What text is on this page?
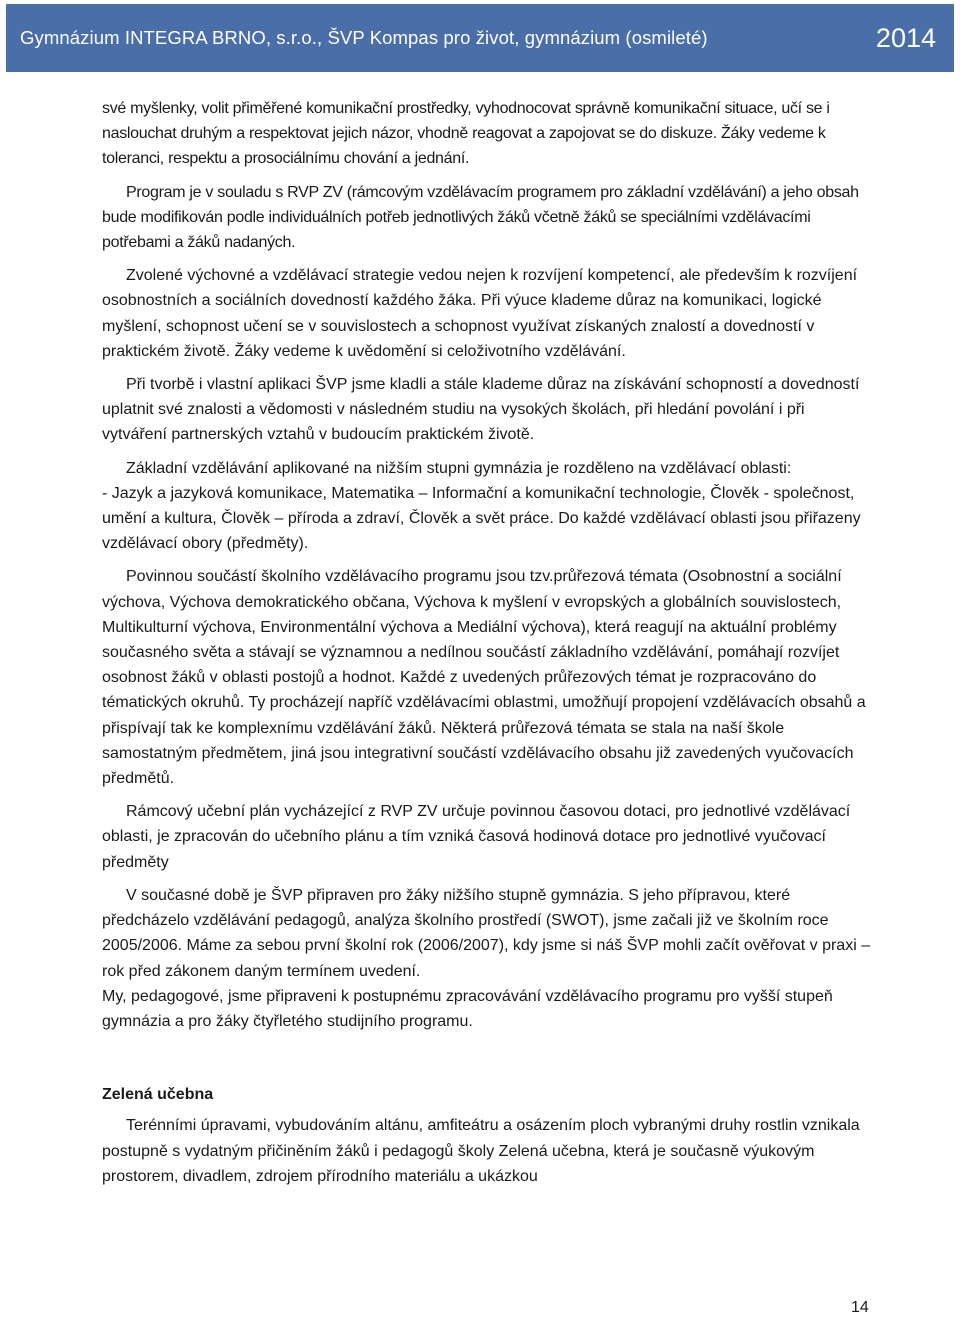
Gymnázium INTEGRA BRNO, s.r.o., ŠVP Kompas pro život, gymnázium (osmileté)	2014

své myšlenky, volit přiměřené komunikační prostředky, vyhodnocovat správně komunikační situace, učí se i naslouchat druhým a respektovat jejich názor, vhodně reagovat a zapojovat se do diskuze. Žáky vedeme k toleranci, respektu a prosociálnímu chování a jednání.

Program je v souladu s RVP ZV (rámcovým vzdělávacím programem pro základní vzdělávání) a jeho obsah bude modifikován podle individuálních potřeb jednotlivých žáků včetně žáků se speciálními vzdělávacími potřebami a žáků nadaných.

Zvolené výchovné a vzdělávací strategie vedou nejen k rozvíjení kompetencí, ale především k rozvíjení osobnostních a sociálních dovedností každého žáka. Při výuce klademe důraz na komunikaci, logické myšlení, schopnost učení se v souvislostech a schopnost využívat získaných znalostí a dovedností v praktickém životě. Žáky vedeme k uvědomění si celoživotního vzdělávání.

Při tvorbě i vlastní aplikaci ŠVP jsme kladli a stále klademe důraz na získávání schopností a dovedností uplatnit své znalosti a vědomosti v následném studiu na vysokých školách, při hledání povolání i při vytváření partnerských vztahů v budoucím praktickém životě.

Základní vzdělávání aplikované na nižším stupni gymnázia je rozděleno na vzdělávací oblasti:

- Jazyk a jazyková komunikace, Matematika – Informační a komunikační technologie, Člověk - společnost, umění a kultura, Člověk – příroda a zdraví, Člověk a svět práce. Do každé vzdělávací oblasti jsou přiřazeny vzdělávací obory (předměty).

Povinnou součástí školního vzdělávacího programu jsou tzv.průřezová témata (Osobnostní a sociální výchova, Výchova demokratického občana, Výchova k myšlení v evropských a globálních souvislostech, Multikulturní výchova, Environmentální výchova a Mediální výchova), která reagují na aktuální problémy současného světa a stávají se významnou a nedílnou součástí základního vzdělávání, pomáhají rozvíjet osobnost žáků v oblasti postojů a hodnot. Každé z uvedených průřezových témat je rozpracováno do tématických okruhů. Ty procházejí napříč vzdělávacími oblastmi, umožňují propojení vzdělávacích obsahů a přispívají tak ke komplexnímu vzdělávání žáků. Některá průřezová témata se stala na naší škole samostatným předmětem, jiná jsou integrativní součástí vzdělávacího obsahu již zavedených vyučovacích předmětů.

Rámcový učební plán vycházející z RVP ZV určuje povinnou časovou dotaci, pro jednotlivé vzdělávací oblasti, je zpracován do učebního plánu a tím vzniká časová hodinová dotace pro jednotlivé vyučovací předměty

V současné době je ŠVP připraven pro žáky nižšího stupně gymnázia. S jeho přípravou, které předcházelo vzdělávání pedagogů, analýza školního prostředí (SWOT), jsme začali již ve školním roce 2005/2006. Máme za sebou první školní rok (2006/2007), kdy jsme si náš ŠVP mohli začít ověřovat v praxi – rok před zákonem daným termínem uvedení.

My, pedagogové, jsme připraveni k postupnému zpracovávání vzdělávacího programu pro vyšší stupeň gymnázia a pro žáky čtyřletého studijního programu.

Zelená učebna

Terénními úpravami, vybudováním altánu, amfiteátru a osázením ploch vybranými druhy rostlin vznikala postupně s vydatným přičiněním žáků i pedagogů školy Zelená učebna, která je současně výukovým prostorem, divadlem, zdrojem přírodního materiálu a ukázkou

14
